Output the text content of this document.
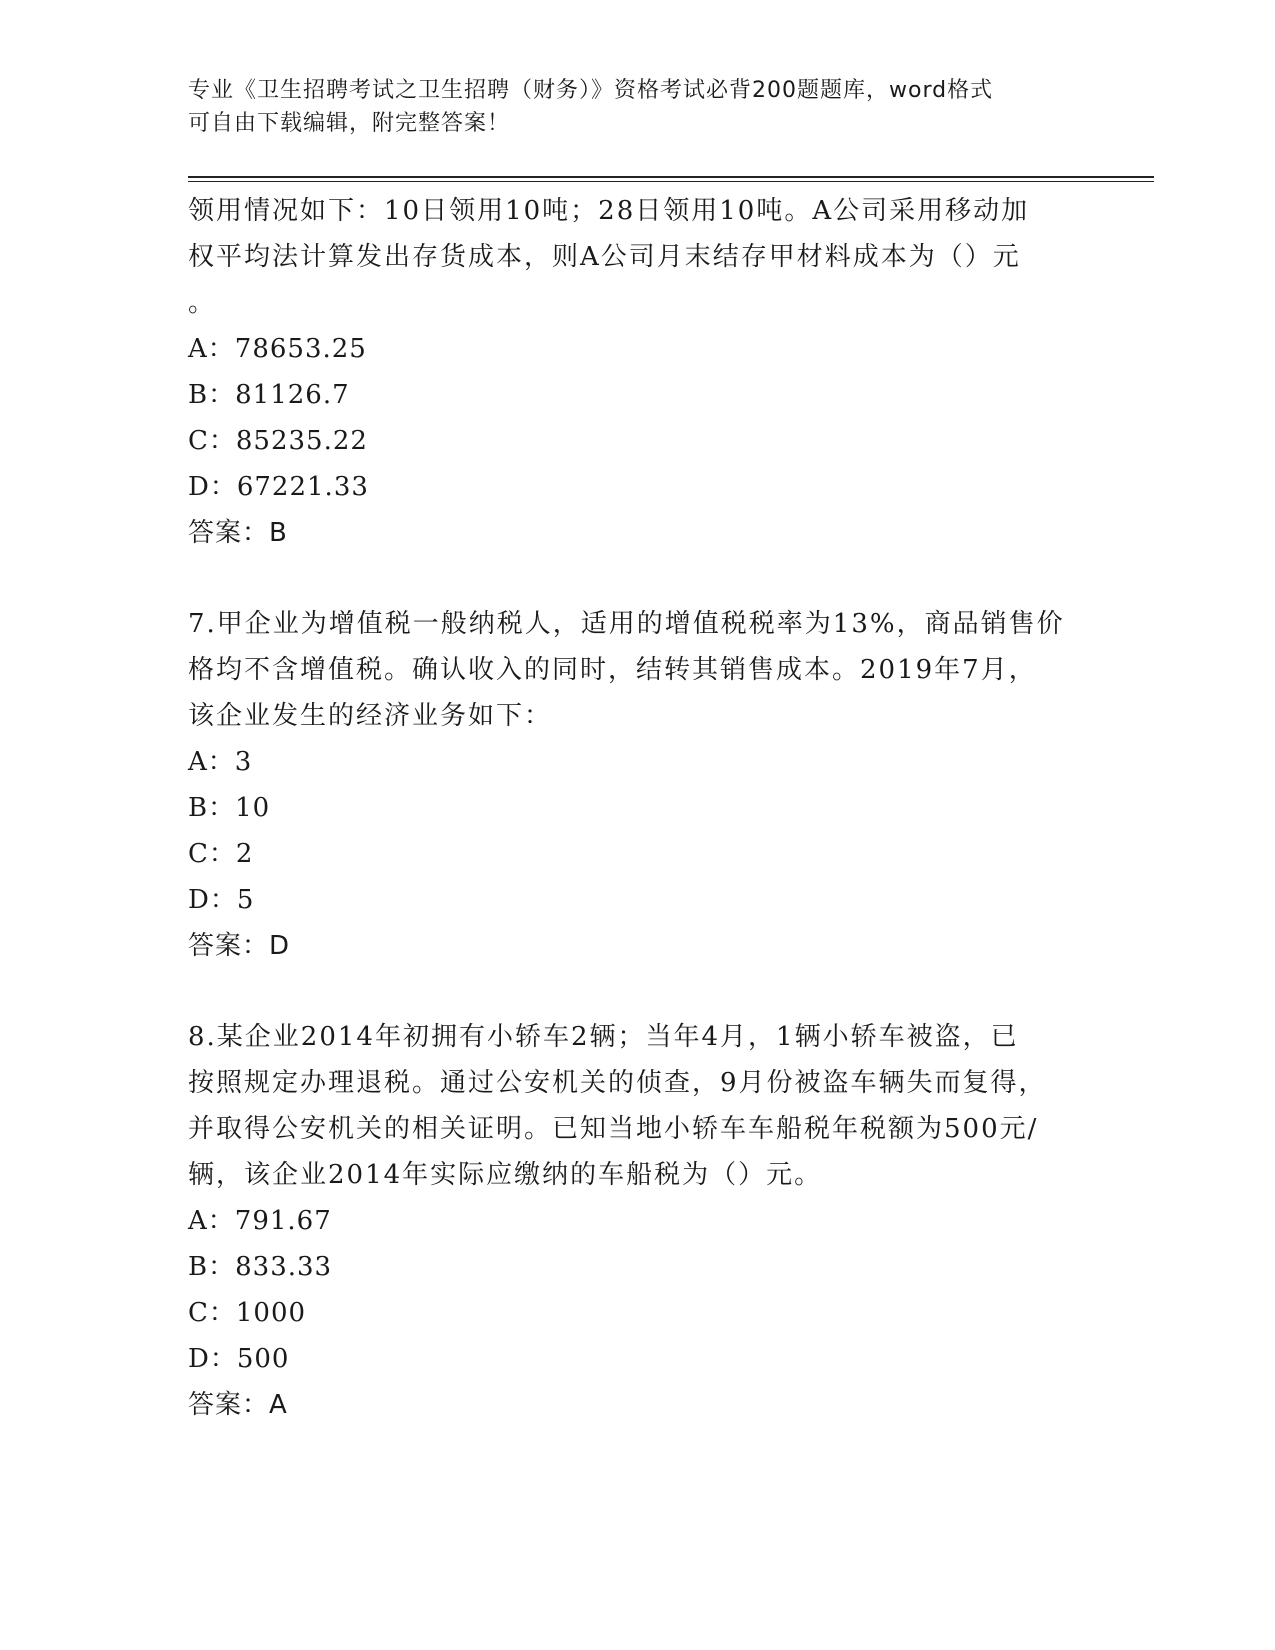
专业《卫生招聘考试之卫生招聘（财务）》资格考试必背200题题库，word格式
可自由下载编辑，附完整答案！
领用情况如下：10日领用10吨；28日领用10吨。A公司采用移动加
权平均法计算发出存货成本，则A公司月末结存甲材料成本为（）元
。
A：78653.25
B：81126.7
C：85235.22
D：67221.33
答案：B
7.甲企业为增值税一般纳税人，适用的增值税税率为13%，商品销售价
格均不含增值税。确认收入的同时，结转其销售成本。2019年7月，
该企业发生的经济业务如下：
A：3
B：10
C：2
D：5
答案：D
8.某企业2014年初拥有小轿车2辆；当年4月，1辆小轿车被盗，已
按照规定办理退税。通过公安机关的侦查，9月份被盗车辆失而复得，
并取得公安机关的相关证明。已知当地小轿车车船税年税额为500元/
辆，该企业2014年实际应缴纳的车船税为（）元。
A：791.67
B：833.33
C：1000
D：500
答案：A
